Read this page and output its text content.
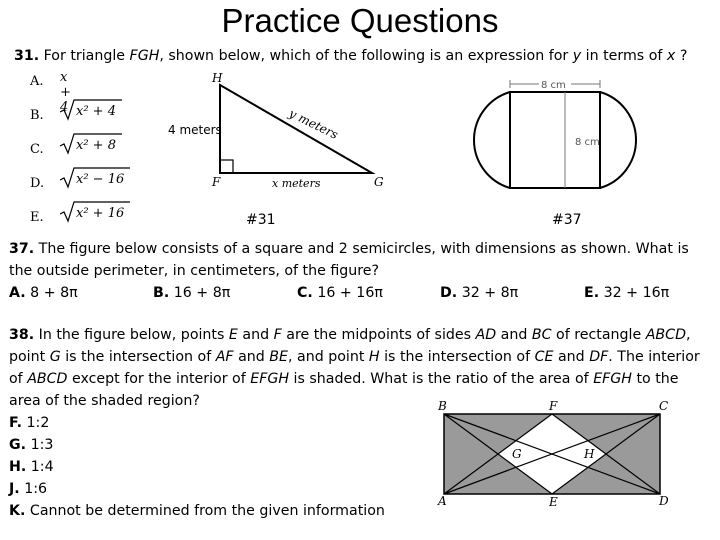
Practice Questions
31. For triangle FGH, shown below, which of the following is an expression for y in terms of x ?
A. x + 4
B. x² + 4
C. x² + 8
D. x² − 16
E. x² + 16
H
F	G
4 meters	y meters
x meters
8 cm
8 cm
#31	#37
37. The figure below consists of a square and 2 semicircles, with dimensions as shown. What is the outside perimeter, in centimeters, of the figure?
A. 8 + 8π	B. 16 + 8π	C. 16 + 16π	D. 32 + 8π	E. 32 + 16π
38. In the figure below, points E and F are the midpoints of sides AD and BC of rectangle ABCD, point G is the intersection of AF and BE, and point H is the intersection of CE and DF. The interior of ABCD except for the interior of EFGH is shaded. What is the ratio of the area of EFGH to the area of the shaded region?
F. 1:2
G. 1:3
H. 1:4
J. 1:6
K. Cannot be determined from the given information
B	F	C
G	H
A	E	D
